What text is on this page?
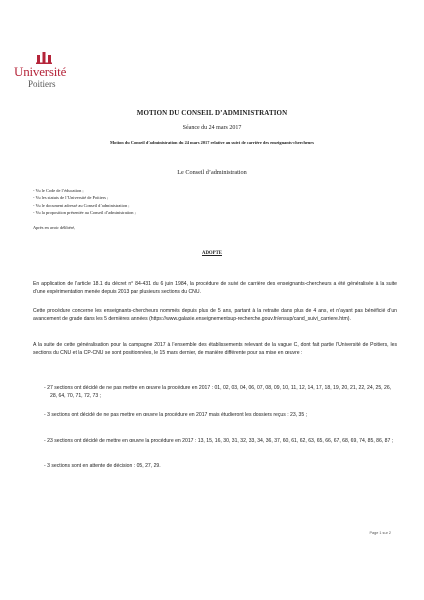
Université
Poitiers
MOTION DU CONSEIL D’ADMINISTRATION
Séance du 24 mars 2017
Motion du Conseil d’administration du 24 mars 2017 relative au suivi de carrière des enseignants-chercheurs
Le Conseil d’administration
- Vu le Code de l’éducation ;
- Vu les statuts de l’Université de Poitiers ;
- Vu le document adressé au Conseil d’administration ;
- Vu la proposition présentée au Conseil d’administration ;
Après en avoir délibéré,
ADOPTE

En application de l’article 18.1 du décret n° 84-431 du 6 juin 1984, la procédure de suivi de carrière des enseignants-chercheurs a été généralisée à la suite d’une expérimentation menée depuis 2013 par plusieurs sections du CNU.

Cette procédure concerne les enseignants-chercheurs nommés depuis plus de 5 ans, partant à la retraite dans plus de 4 ans, et n’ayant pas bénéficié d’un avancement de grade dans les 5 dernières années (https://www.galaxie.enseignementsup-recherche.gouv.fr/ensup/cand_suivi_carriere.htm).

A la suite de cette généralisation pour la campagne 2017 à l’ensemble des établissements relevant de la vague C, dont fait partie l’Université de Poitiers, les sections du CNU et la CP-CNU se sont positionnées, le 15 mars dernier, de manière différente pour sa mise en œuvre :

- 27 sections ont décidé de ne pas mettre en œuvre la procédure en 2017 : 01, 02, 03, 04, 06, 07, 08, 09, 10, 11, 12, 14, 17, 18, 19, 20, 21, 22, 24, 25, 26, 28, 64, 70, 71, 72, 73 ;
- 3 sections ont décidé de ne pas mettre en œuvre la procédure en 2017 mais étudieront les dossiers reçus : 23, 35 ;
- 23 sections ont décidé de mettre en œuvre la procédure en 2017 : 13, 15, 16, 30, 31, 32, 33, 34, 36, 37, 60, 61, 62, 63, 65, 66, 67, 68, 69, 74, 85, 86, 87 ;
- 3 sections sont en attente de décision : 05, 27, 29.
Page 1 sur 2
